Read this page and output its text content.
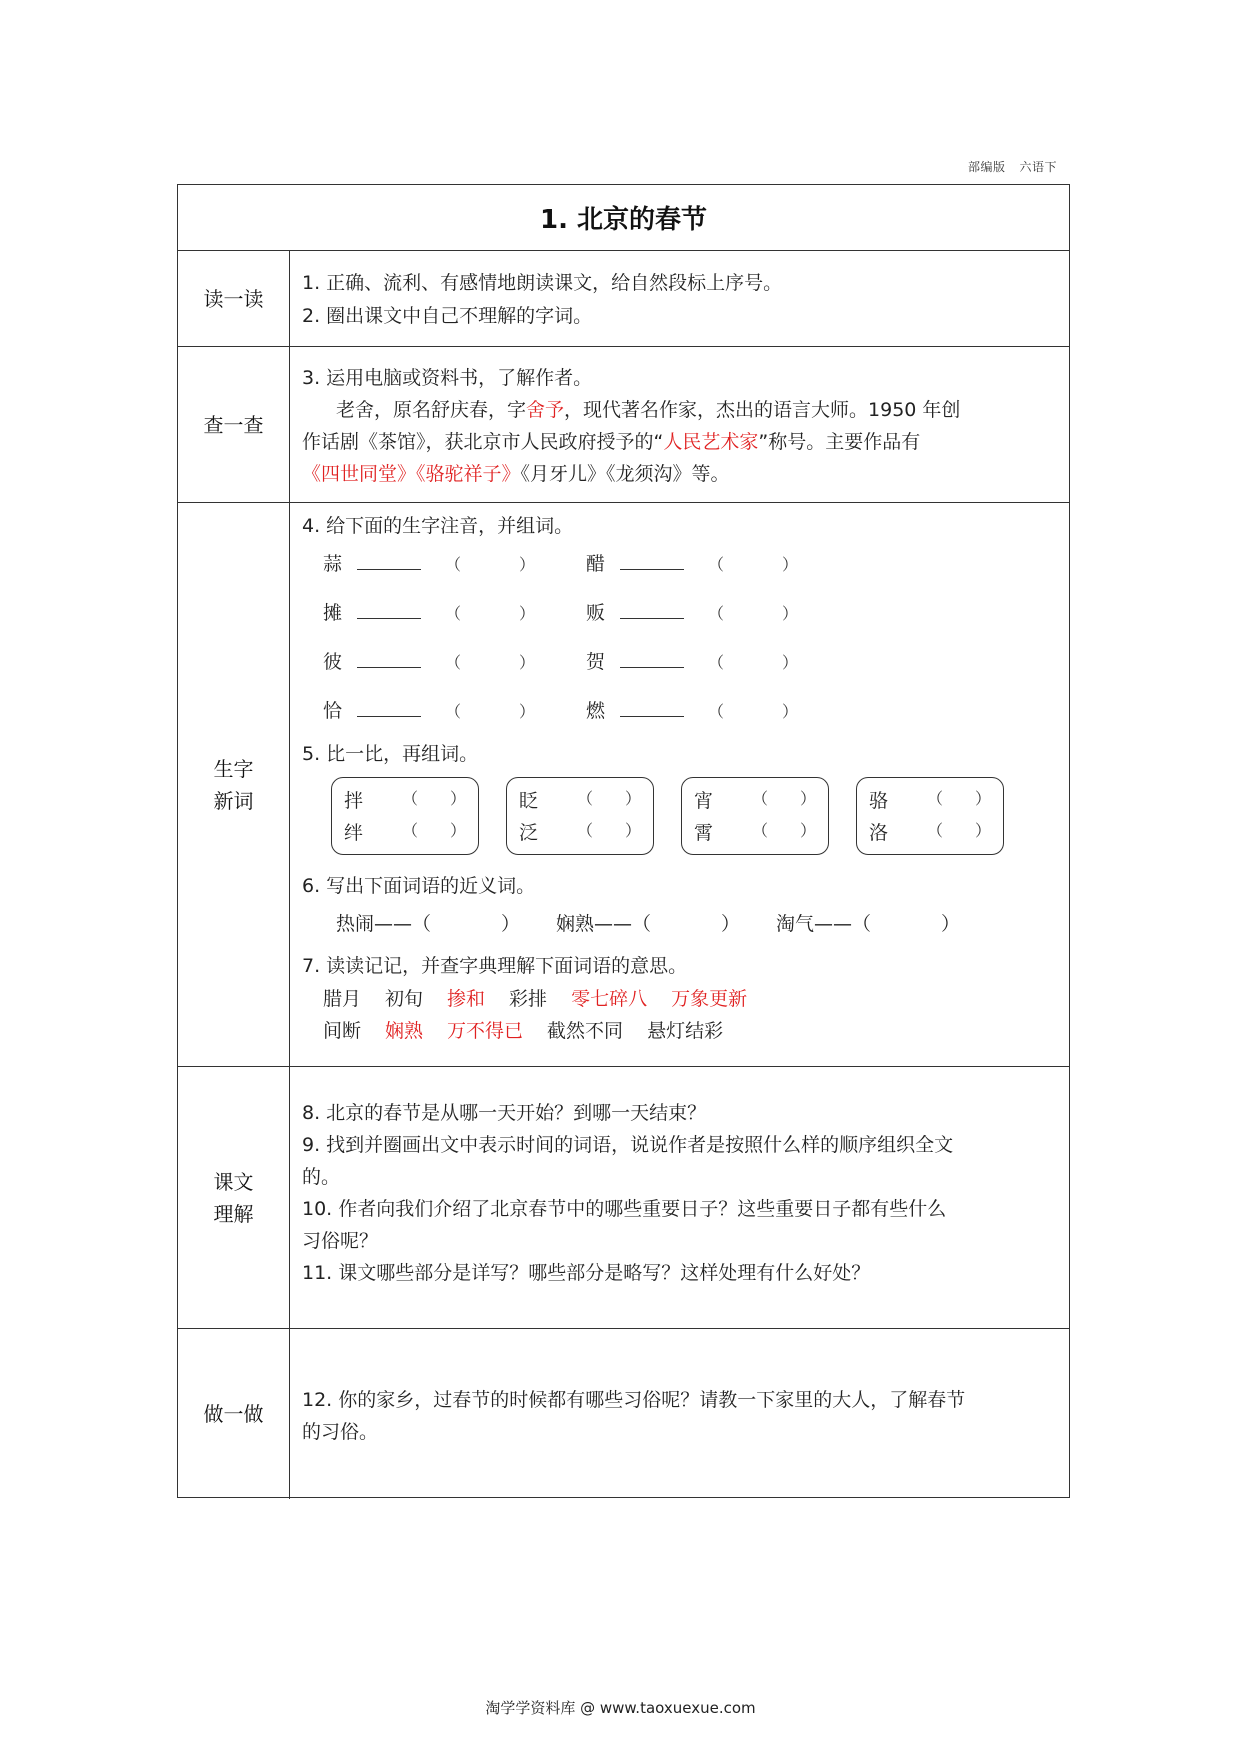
部编版 六语下
1. 北京的春节
读一读
1. 正确、流利、有感情地朗读课文，给自然段标上序号。
2. 圈出课文中自己不理解的字词。
查一查
3. 运用电脑或资料书，了解作者。
老舍，原名舒庆春，字舍予，现代著名作家，杰出的语言大师。1950 年创
作话剧《茶馆》，获北京市人民政府授予的“人民艺术家”称号。主要作品有
《四世同堂》《骆驼祥子》《月牙儿》《龙须沟》等。
生字
新词
4. 给下面的生字注音，并组词。
蒜	（	）	醋	（	）
摊	（	）	贩	（	）
彼	（	）	贺	（	）
恰	（	）	燃	（	）
5. 比一比，再组词。
拌 （   ）
绊 （   ）
眨 （   ）
泛 （   ）
宵 （   ）
霄 （   ）
骆 （   ）
洛 （   ）
6. 写出下面词语的近义词。
热闹——（	） 娴熟——（	） 淘气——（	）
7. 读读记记，并查字典理解下面词语的意思。
腊月 初旬 掺和 彩排 零七碎八 万象更新
间断 娴熟 万不得已 截然不同 悬灯结彩
课文
理解
8. 北京的春节是从哪一天开始？到哪一天结束？
9. 找到并圈画出文中表示时间的词语，说说作者是按照什么样的顺序组织全文
的。
10. 作者向我们介绍了北京春节中的哪些重要日子？这些重要日子都有些什么
习俗呢？
11. 课文哪些部分是详写？哪些部分是略写？这样处理有什么好处？
做一做
12. 你的家乡，过春节的时候都有哪些习俗呢？请教一下家里的大人，了解春节
的习俗。
淘学学资料库 @ www.taoxuexue.com
